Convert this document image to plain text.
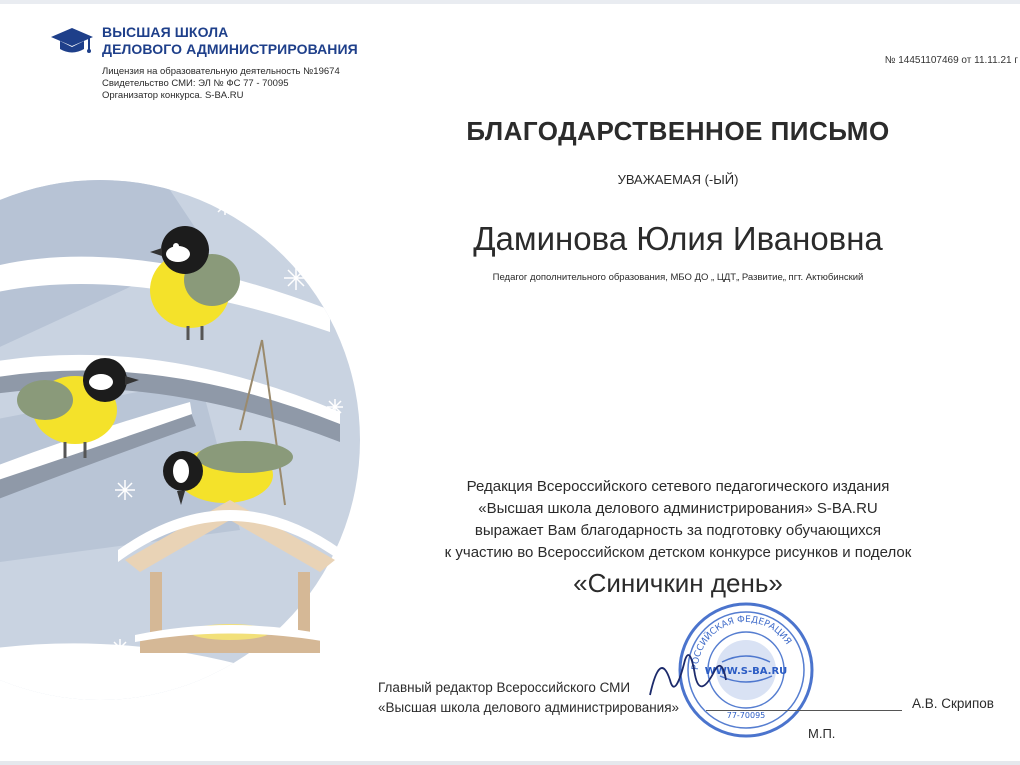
ВЫСШАЯ ШКОЛА
ДЕЛОВОГО АДМИНИСТРИРОВАНИЯ
Лицензия на образовательную деятельность №19674
Свидетельство СМИ: ЭЛ № ФС 77 - 70095
Организатор конкурса. S-BA.RU
№ 14451107469 от 11.11.21 г
БЛАГОДАРСТВЕННОЕ ПИСЬМО
УВАЖАЕМАЯ (-ЫЙ)
Даминова Юлия Ивановна
Педагог дополнительного образования, МБО ДО „ ЦДТ„ Развитие„ пгт. Актюбинский
Редакция Всероссийского сетевого педагогического издания
«Высшая школа делового администрирования» S-BA.RU
выражает Вам благодарность за подготовку обучающихся
к участию во Всероссийском детском конкурсе рисунков и поделок
«Синичкин день»
РОССИЙСКАЯ ФЕДЕРАЦИЯ
WWW.S-BA.RU
77-70095
Главный редактор Всероссийского СМИ
«Высшая школа делового администрирования»	А.В. Скрипов
М.П.
